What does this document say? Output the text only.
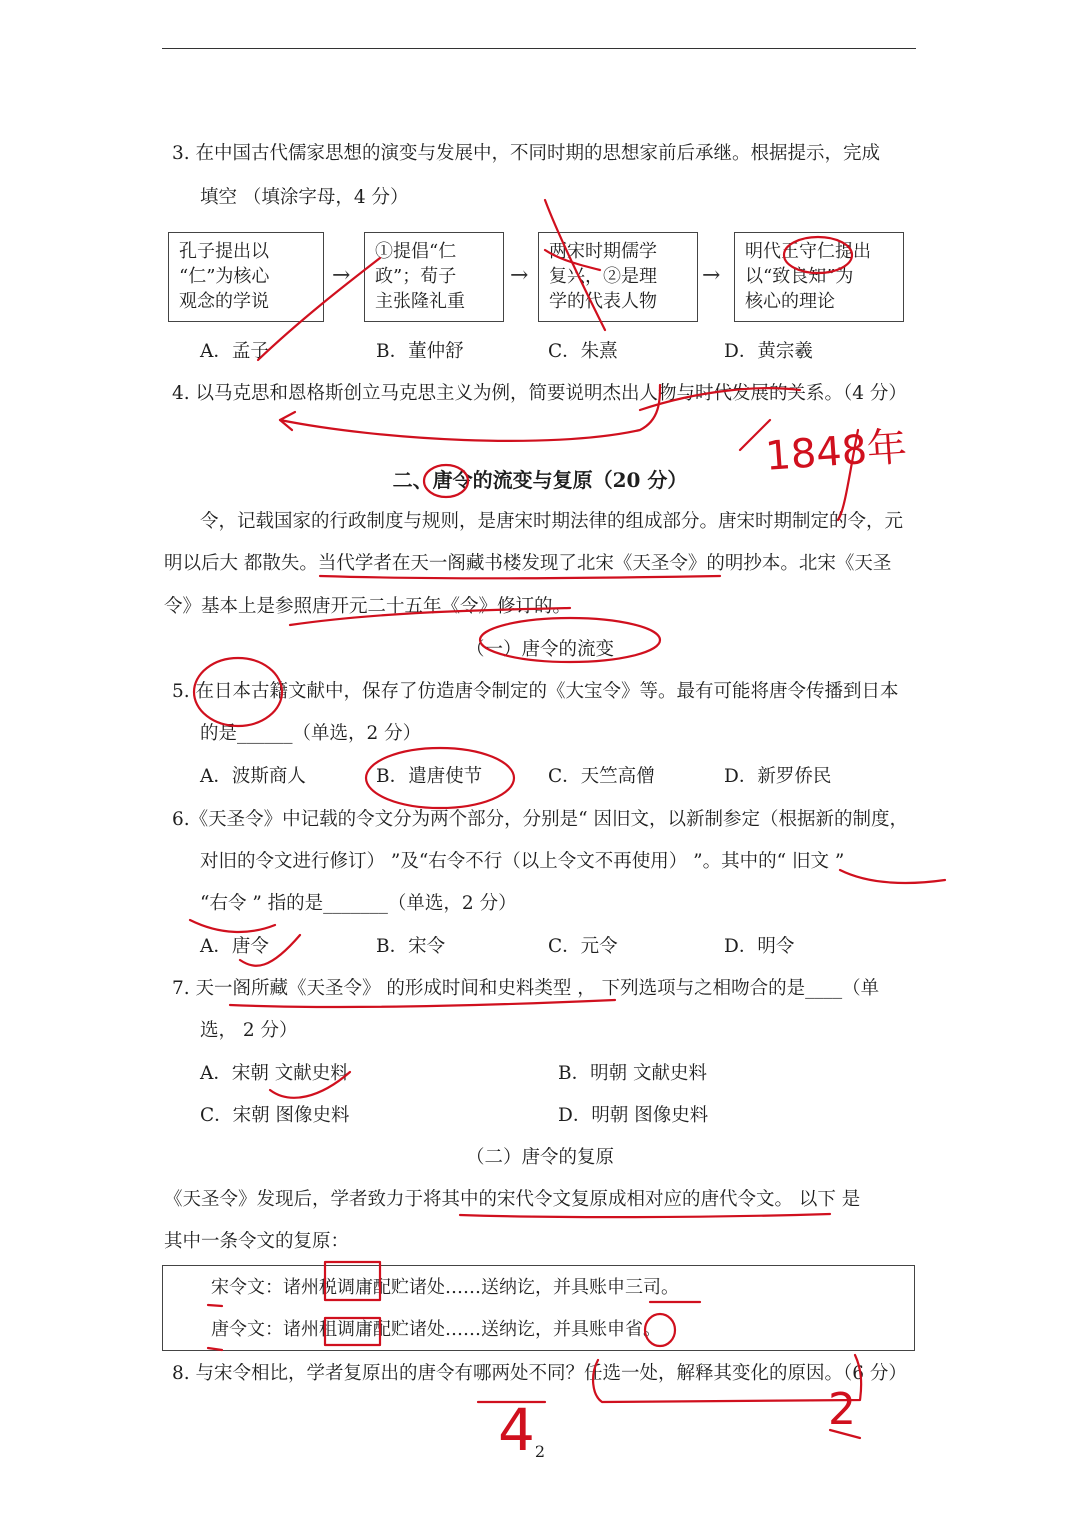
3. 在中国古代儒家思想的演变与发展中，不同时期的思想家前后承继。根据提示，完成
填空 （填涂字母，4 分）
孔子提出以
“仁”为核心
观念的学说
→
①提倡“仁
政”；荀子
主张隆礼重
→
两宋时期儒学
复兴，②是理
学的代表人物
→
明代王守仁提出
以“致良知”为
核心的理论
A．孟子	B．董仲舒	C．朱熹	D．黄宗羲
4. 以马克思和恩格斯创立马克思主义为例，简要说明杰出人物与时代发展的关系。（4 分）
二、唐令的流变与复原（20 分）
令，记载国家的行政制度与规则，是唐宋时期法律的组成部分。唐宋时期制定的令，元
明以后大 都散失。当代学者在天一阁藏书楼发现了北宋《天圣令》的明抄本。北宋《天圣
令》基本上是参照唐开元二十五年《令》修订的。
（一）唐令的流变
5. 在日本古籍文献中，保存了仿造唐令制定的《大宝令》等。最有可能将唐令传播到日本
的是______（单选，2 分）
A．波斯商人	B．遣唐使节	C．天竺高僧	D．新罗侨民
6.《天圣令》中记载的令文分为两个部分，分别是“ 因旧文，以新制参定（根据新的制度，
对旧的令文进行修订） ”及“右令不行（以上令文不再使用） ”。其中的“ 旧文 ”
“右令 ” 指的是_______（单选，2 分）
A．唐令	B．宋令	C．元令	D．明令
7. 天一阁所藏《天圣令》 的形成时间和史料类型 ， 下列选项与之相吻合的是____（单
选， 2 分）
A．宋朝 文献史料	B．明朝 文献史料
C．宋朝 图像史料	D．明朝 图像史料
（二）唐令的复原
《天圣令》发现后，学者致力于将其中的宋代令文复原成相对应的唐代令文。 以下 是
其中一条令文的复原：
宋令文：诸州税调庸配贮诸处……送纳讫，并具账申三司。
唐令文：诸州租调庸配贮诸处……送纳讫，并具账申省。
8. 与宋令相比，学者复原出的唐令有哪两处不同？任选一处，解释其变化的原因。（6 分）
2
1848年
4	2
